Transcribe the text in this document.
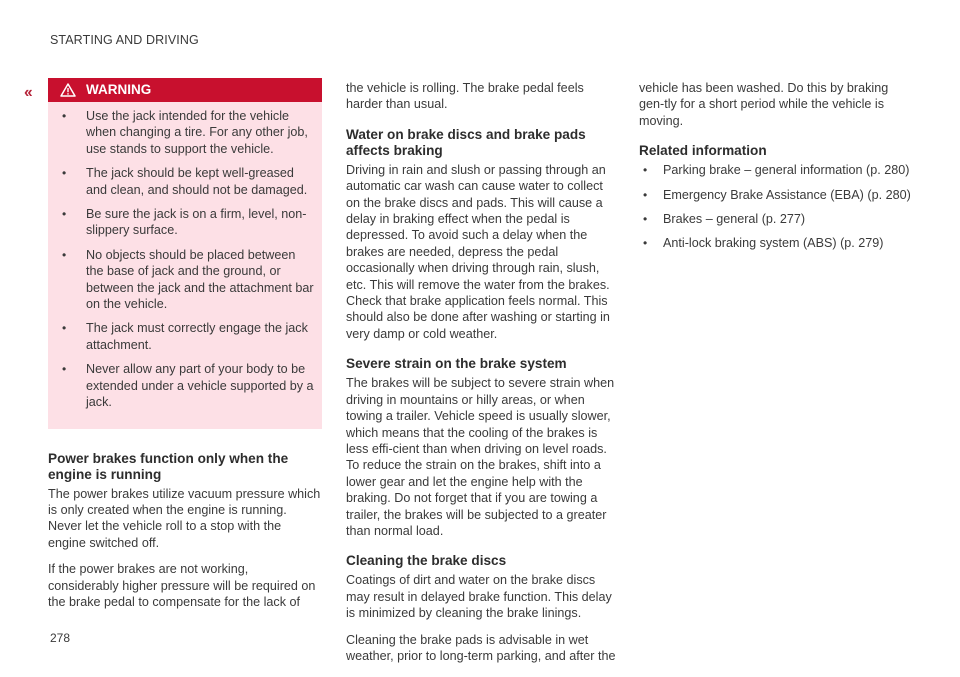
STARTING AND DRIVING
‹‹	WARNING
•	Use the jack intended for the vehicle when changing a tire. For any other job, use stands to support the vehicle.
•	The jack should be kept well-greased and clean, and should not be damaged.
•	Be sure the jack is on a firm, level, non-slippery surface.
•	No objects should be placed between the base of jack and the ground, or between the jack and the attachment bar on the vehicle.
•	The jack must correctly engage the jack attachment.
•	Never allow any part of your body to be extended under a vehicle supported by a jack.
Power brakes function only when the engine is running

The power brakes utilize vacuum pressure which is only created when the engine is running. Never let the vehicle roll to a stop with the engine switched off.

If the power brakes are not working, considerably higher pressure will be required on the brake pedal to compensate for the lack of

the vehicle is rolling. The brake pedal feels harder than usual.
Water on brake discs and brake pads affects braking

Driving in rain and slush or passing through an automatic car wash can cause water to collect on the brake discs and pads. This will cause a delay in braking effect when the pedal is depressed. To avoid such a delay when the brakes are needed, depress the pedal occasionally when driving through rain, slush, etc. This will remove the water from the brakes. Check that brake application feels normal. This should also be done after washing or starting in very damp or cold weather.

Severe strain on the brake system

The brakes will be subject to severe strain when driving in mountains or hilly areas, or when towing a trailer. Vehicle speed is usually slower, which means that the cooling of the brakes is less effi-cient than when driving on level roads. To reduce the strain on the brakes, shift into a lower gear and let the engine help with the braking. Do not forget that if you are towing a trailer, the brakes will be subjected to a greater than normal load.

Cleaning the brake discs

Coatings of dirt and water on the brake discs may result in delayed brake function. This delay is minimized by cleaning the brake linings.

Cleaning the brake pads is advisable in wet weather, prior to long-term parking, and after the

vehicle has been washed. Do this by braking gen-tly for a short period while the vehicle is moving.
Related information
•	Parking brake – general information (p. 280)
•	Emergency Brake Assistance (EBA) (p. 280)
•	Brakes – general (p. 277)
•	Anti-lock braking system (ABS) (p. 279)
278
